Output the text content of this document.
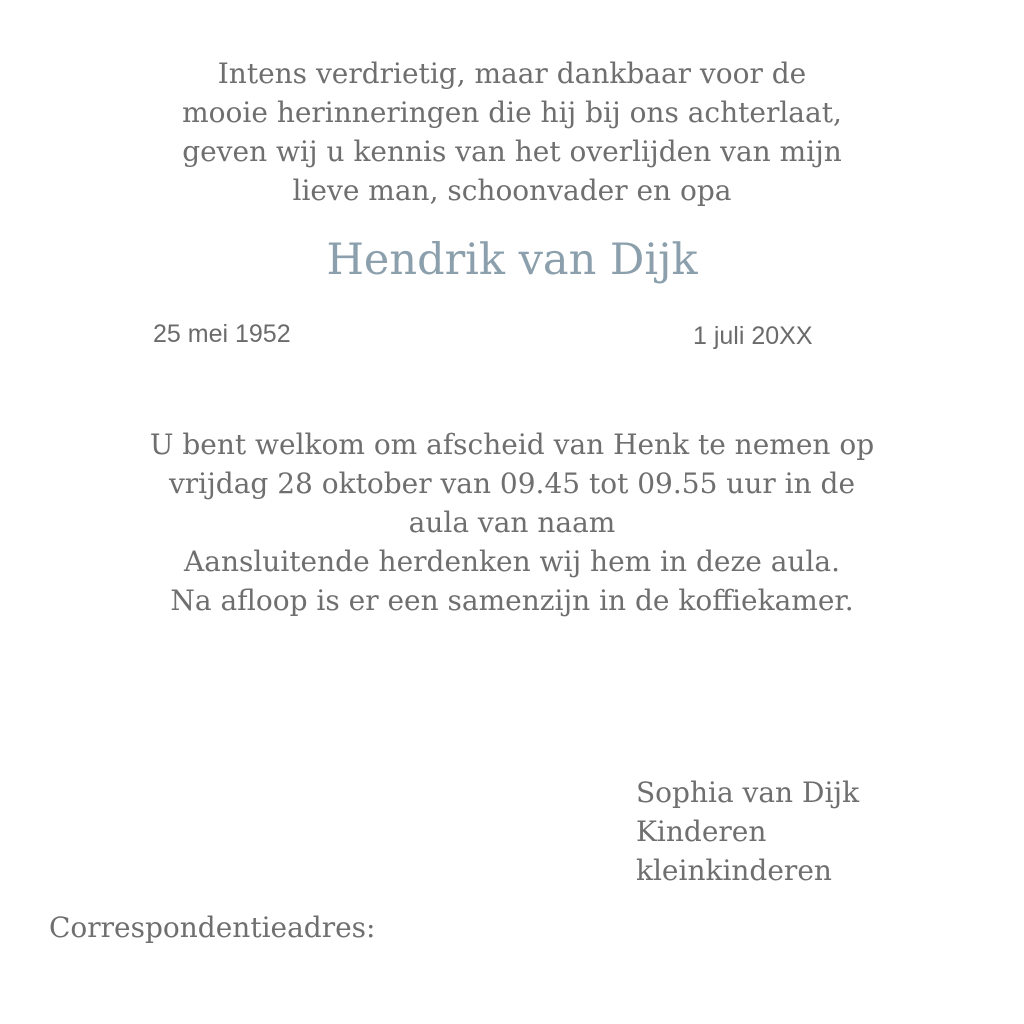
Intens verdrietig, maar dankbaar voor de
mooie herinneringen die hij bij ons achterlaat,
geven wij u kennis van het overlijden van mijn
lieve man, schoonvader en opa
Hendrik van Dijk
25 mei 1952	1 juli 20XX
U bent welkom om afscheid van Henk te nemen op
vrijdag 28 oktober van 09.45 tot 09.55 uur in de
aula van naam
Aansluitende herdenken wij hem in deze aula.
Na afloop is er een samenzijn in de koffiekamer.
Sophia van Dijk
Kinderen
kleinkinderen
Correspondentieadres:
